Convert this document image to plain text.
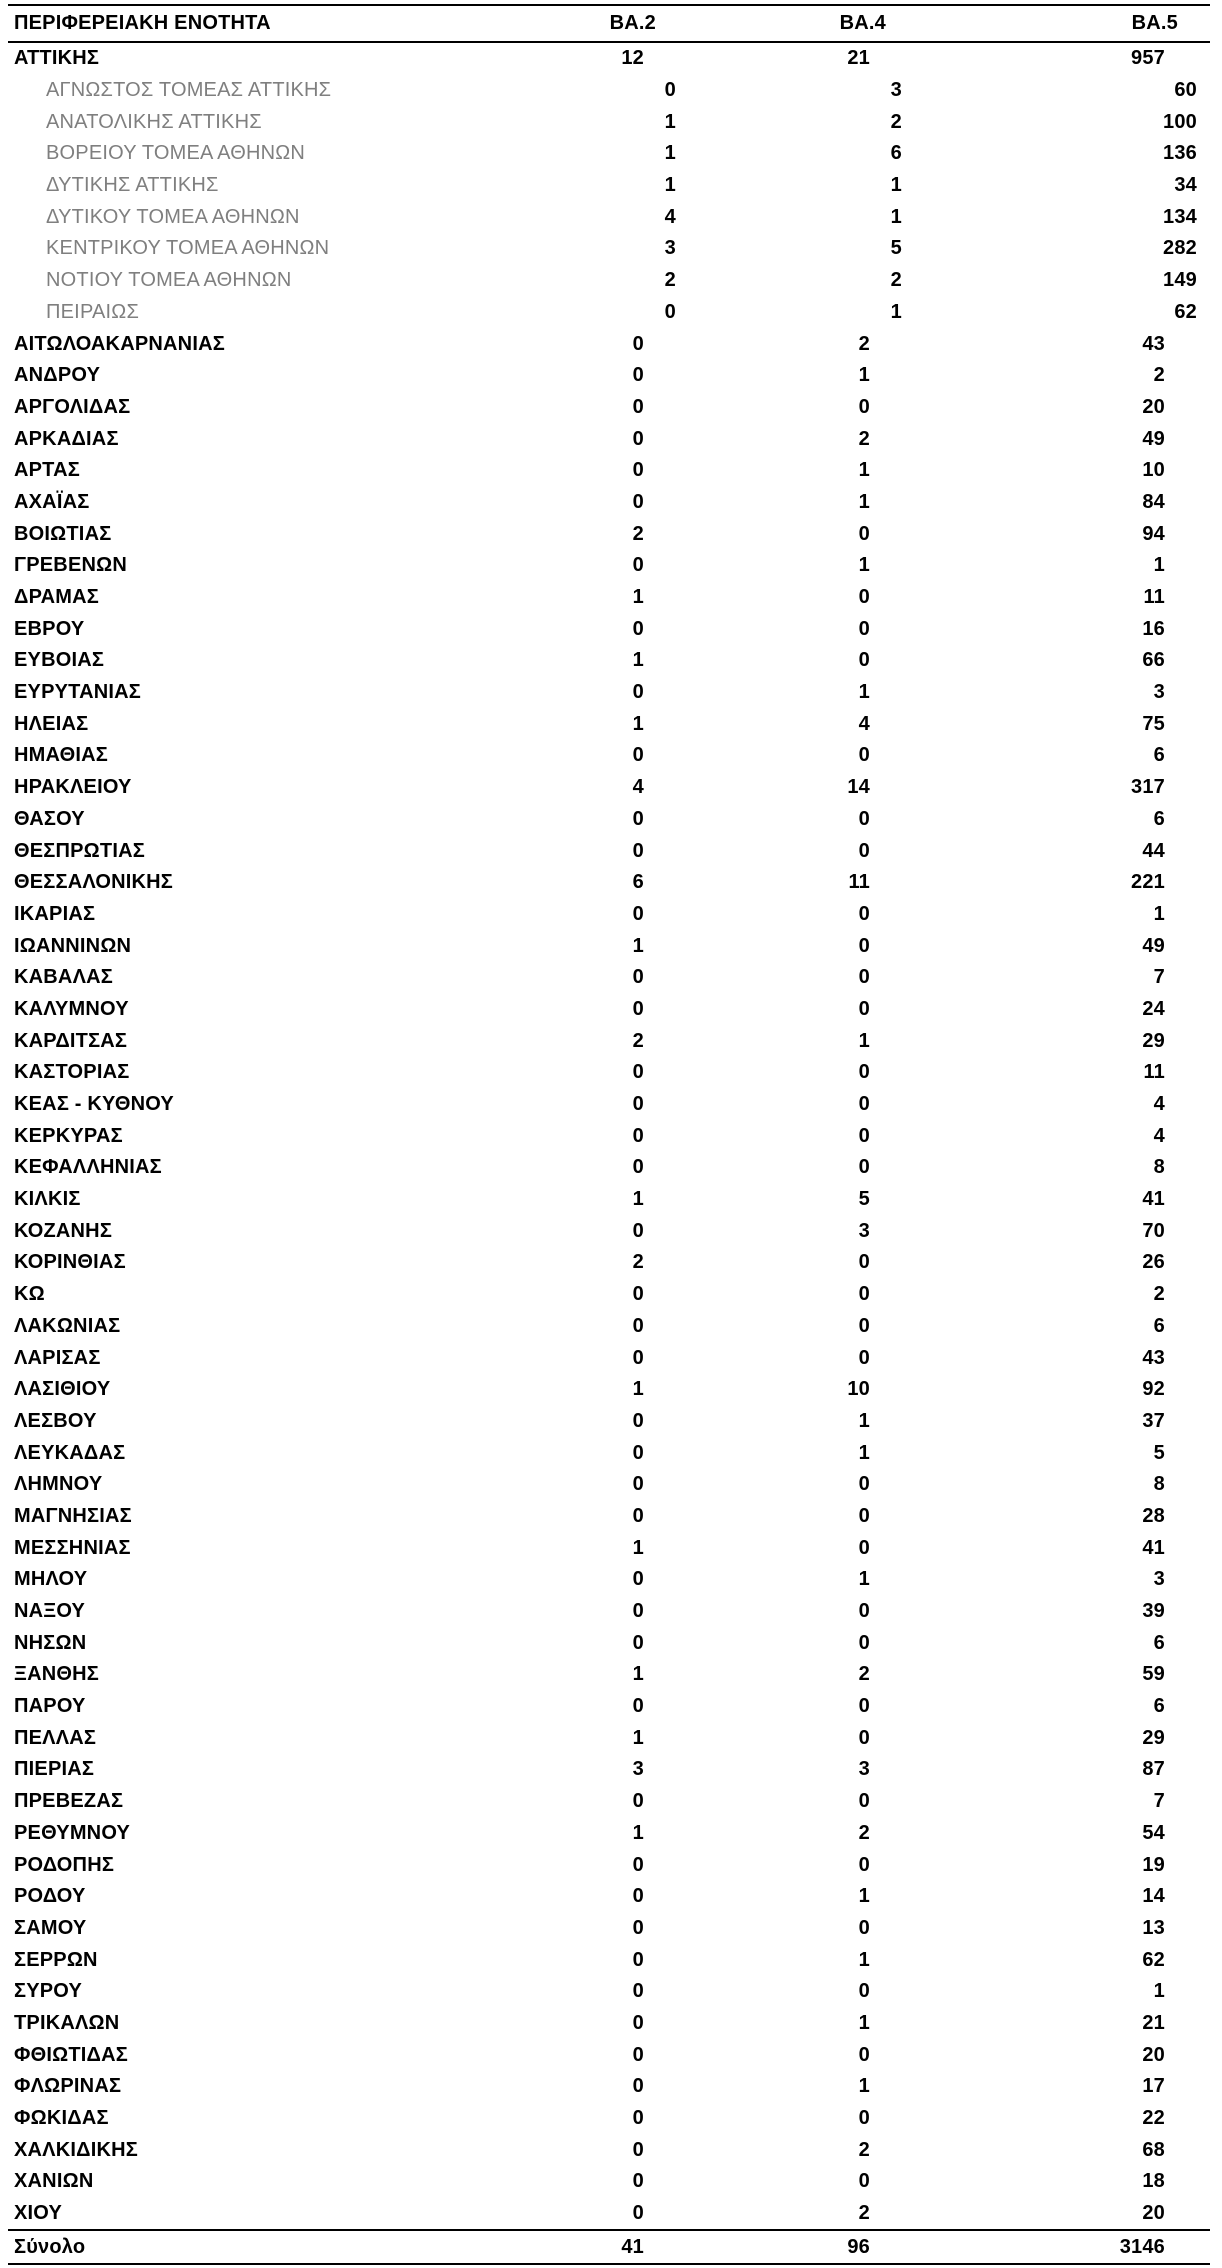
ΠΕΡΙΦΕΡΕΙΑΚΗ ΕΝΟΤΗΤΑ	ΒΑ.2	ΒΑ.4	ΒΑ.5
ΑΤΤΙΚΗΣ	12	21	957
ΑΓΝΩΣΤΟΣ ΤΟΜΕΑΣ ΑΤΤΙΚΗΣ	0	3	60
ΑΝΑΤΟΛΙΚΗΣ ΑΤΤΙΚΗΣ	1	2	100
ΒΟΡΕΙΟΥ ΤΟΜΕΑ ΑΘΗΝΩΝ	1	6	136
ΔΥΤΙΚΗΣ ΑΤΤΙΚΗΣ	1	1	34
ΔΥΤΙΚΟΥ ΤΟΜΕΑ ΑΘΗΝΩΝ	4	1	134
ΚΕΝΤΡΙΚΟΥ ΤΟΜΕΑ ΑΘΗΝΩΝ	3	5	282
ΝΟΤΙΟΥ ΤΟΜΕΑ ΑΘΗΝΩΝ	2	2	149
ΠΕΙΡΑΙΩΣ	0	1	62
ΑΙΤΩΛΟΑΚΑΡΝΑΝΙΑΣ	0	2	43
ΑΝΔΡΟΥ	0	1	2
ΑΡΓΟΛΙΔΑΣ	0	0	20
ΑΡΚΑΔΙΑΣ	0	2	49
ΑΡΤΑΣ	0	1	10
ΑΧΑΪΑΣ	0	1	84
ΒΟΙΩΤΙΑΣ	2	0	94
ΓΡΕΒΕΝΩΝ	0	1	1
ΔΡΑΜΑΣ	1	0	11
ΕΒΡΟΥ	0	0	16
ΕΥΒΟΙΑΣ	1	0	66
ΕΥΡΥΤΑΝΙΑΣ	0	1	3
ΗΛΕΙΑΣ	1	4	75
ΗΜΑΘΙΑΣ	0	0	6
ΗΡΑΚΛΕΙΟΥ	4	14	317
ΘΑΣΟΥ	0	0	6
ΘΕΣΠΡΩΤΙΑΣ	0	0	44
ΘΕΣΣΑΛΟΝΙΚΗΣ	6	11	221
ΙΚΑΡΙΑΣ	0	0	1
ΙΩΑΝΝΙΝΩΝ	1	0	49
ΚΑΒΑΛΑΣ	0	0	7
ΚΑΛΥΜΝΟΥ	0	0	24
ΚΑΡΔΙΤΣΑΣ	2	1	29
ΚΑΣΤΟΡΙΑΣ	0	0	11
ΚΕΑΣ - ΚΥΘΝΟΥ	0	0	4
ΚΕΡΚΥΡΑΣ	0	0	4
ΚΕΦΑΛΛΗΝΙΑΣ	0	0	8
ΚΙΛΚΙΣ	1	5	41
ΚΟΖΑΝΗΣ	0	3	70
ΚΟΡΙΝΘΙΑΣ	2	0	26
ΚΩ	0	0	2
ΛΑΚΩΝΙΑΣ	0	0	6
ΛΑΡΙΣΑΣ	0	0	43
ΛΑΣΙΘΙΟΥ	1	10	92
ΛΕΣΒΟΥ	0	1	37
ΛΕΥΚΑΔΑΣ	0	1	5
ΛΗΜΝΟΥ	0	0	8
ΜΑΓΝΗΣΙΑΣ	0	0	28
ΜΕΣΣΗΝΙΑΣ	1	0	41
ΜΗΛΟΥ	0	1	3
ΝΑΞΟΥ	0	0	39
ΝΗΣΩΝ	0	0	6
ΞΑΝΘΗΣ	1	2	59
ΠΑΡΟΥ	0	0	6
ΠΕΛΛΑΣ	1	0	29
ΠΙΕΡΙΑΣ	3	3	87
ΠΡΕΒΕΖΑΣ	0	0	7
ΡΕΘΥΜΝΟΥ	1	2	54
ΡΟΔΟΠΗΣ	0	0	19
ΡΟΔΟΥ	0	1	14
ΣΑΜΟΥ	0	0	13
ΣΕΡΡΩΝ	0	1	62
ΣΥΡΟΥ	0	0	1
ΤΡΙΚΑΛΩΝ	0	1	21
ΦΘΙΩΤΙΔΑΣ	0	0	20
ΦΛΩΡΙΝΑΣ	0	1	17
ΦΩΚΙΔΑΣ	0	0	22
ΧΑΛΚΙΔΙΚΗΣ	0	2	68
ΧΑΝΙΩΝ	0	0	18
ΧΙΟΥ	0	2	20
Σύνολο	41	96	3146
